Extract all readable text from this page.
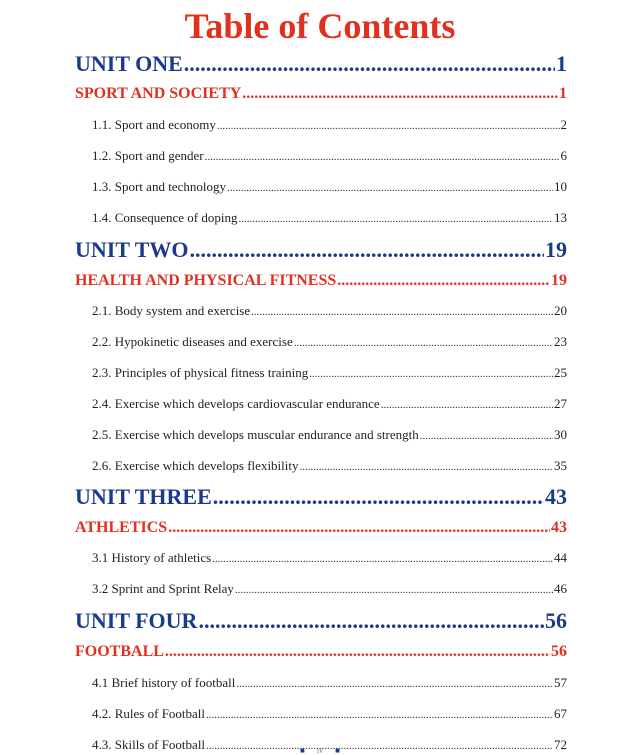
Table of Contents
UNIT ONE .....	1
SPORT AND SOCIETY .....	1
1.1. Sport and economy .....	2
1.2. Sport and gender .....	6
1.3. Sport and technology .....	10
1.4. Consequence of doping .....	13
UNIT TWO .....	19
HEALTH AND PHYSICAL FITNESS .....	19
2.1. Body system and exercise .....	20
2.2. Hypokinetic diseases and exercise .....	23
2.3. Principles of physical fitness training .....	25
2.4. Exercise which develops cardiovascular endurance .....	27
2.5. Exercise which develops muscular endurance and strength .....	30
2.6. Exercise which develops flexibility .....	35
UNIT THREE .....	43
ATHLETICS .....	43
3.1 History of athletics .....	44
3.2 Sprint and Sprint Relay .....	46
UNIT FOUR .....	56
FOOTBALL .....	56
4.1 Brief history of football .....	57
4.2. Rules of Football .....	67
4.3. Skills of Football .....	72
■ iv ■
